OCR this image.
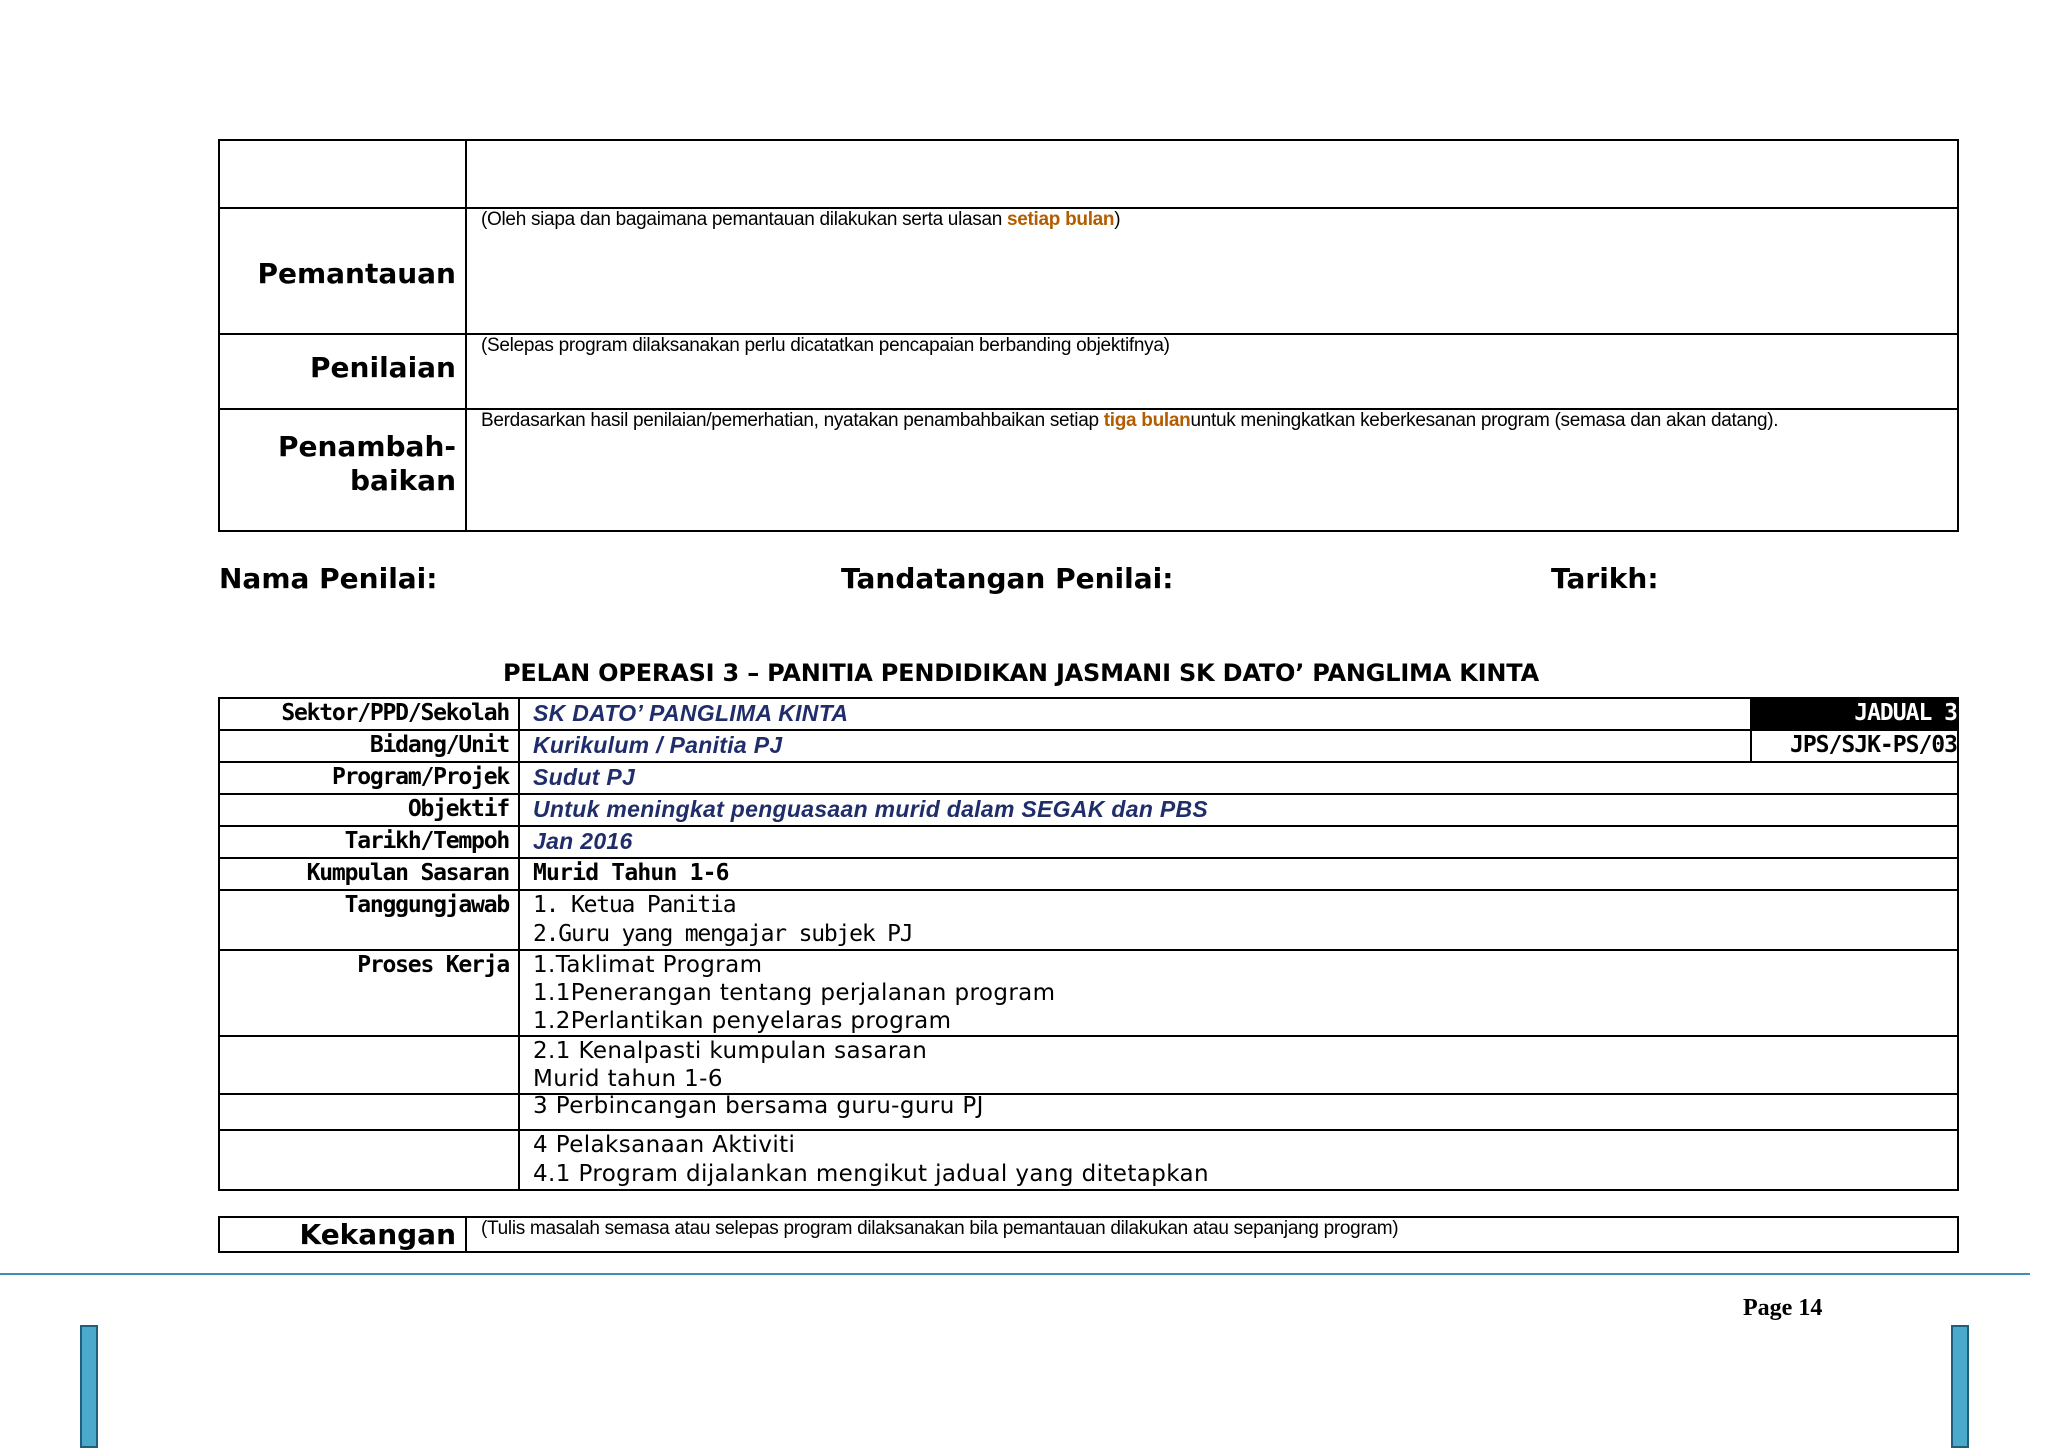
Pemantauan	(Oleh siapa dan bagaimana pemantauan dilakukan serta ulasan setiap bulan)
Penilaian	(Selepas program dilaksanakan perlu dicatatkan pencapaian berbanding objektifnya)

Penambah-
baikan	Berdasarkan hasil penilaian/pemerhatian, nyatakan penambahbaikan setiap tiga bulanuntuk meningkatkan keberkesanan program (semasa dan akan datang).
Nama Penilai:	Tandatangan Penilai:	Tarikh:
PELAN OPERASI 3 – PANITIA PENDIDIKAN JASMANI SK DATO’ PANGLIMA KINTA
Sektor/PPD/Sekolah	SK DATO’ PANGLIMA KINTA	JADUAL 3
Bidang/Unit	Kurikulum / Panitia PJ	JPS/SJK-PS/03
Program/Projek	Sudut PJ	
Objektif	Untuk meningkat penguasaan murid dalam SEGAK dan PBS	
Tarikh/Tempoh	Jan 2016	
Kumpulan Sasaran	Murid Tahun 1-6	
Tanggungjawab	1. Ketua Panitia
2.Guru yang mengajar subjek PJ	

Proses Kerja	1.Taklimat Program
1.1Penerangan tentang perjalanan program
1.2Perlantikan penyelaras program	

	2.1 Kenalpasti kumpulan sasaran
Murid tahun 1-6	

	3 Perbincangan bersama guru-guru PJ	

	4 Pelaksanaan Aktiviti
4.1 Program dijalankan mengikut jadual yang ditetapkan	
Kekangan	(Tulis masalah semasa atau selepas program dilaksanakan bila pemantauan dilakukan atau sepanjang program)
Page 14
